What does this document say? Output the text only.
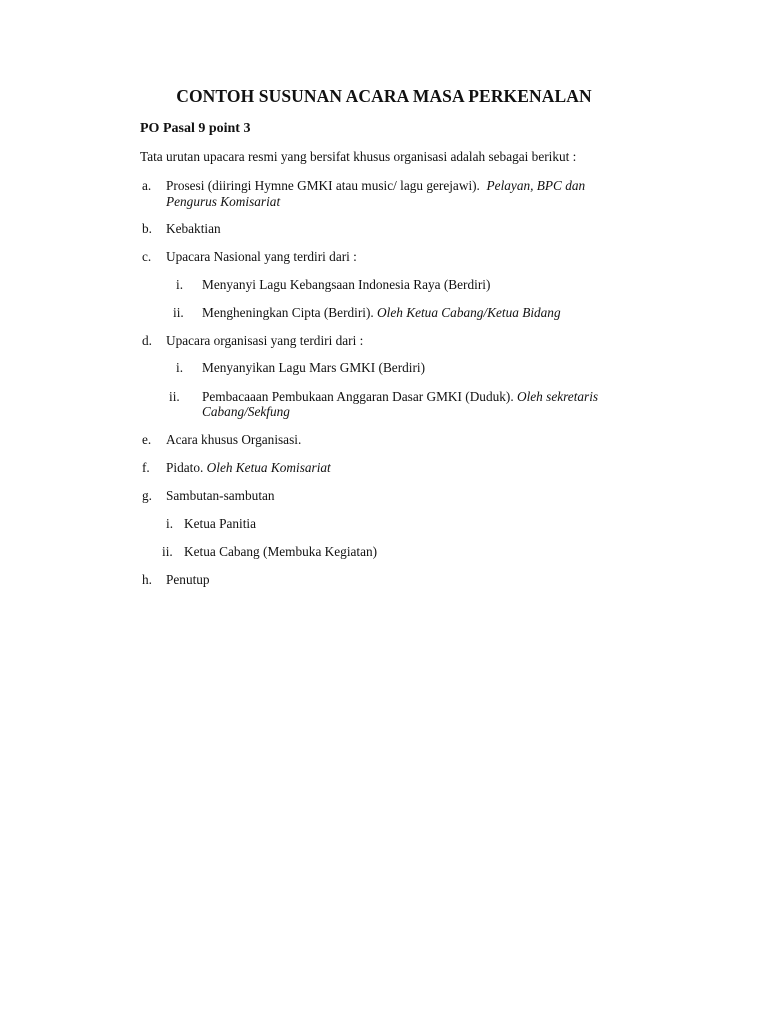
CONTOH SUSUNAN ACARA MASA PERKENALAN
PO Pasal 9 point 3
Tata urutan upacara resmi yang bersifat khusus organisasi adalah sebagai berikut :
a. Prosesi (diiringi Hymne GMKI atau music/ lagu gerejawi). Pelayan, BPC dan
Pengurus Komisariat
b. Kebaktian
c. Upacara Nasional yang terdiri dari :
i. Menyanyi Lagu Kebangsaan Indonesia Raya (Berdiri)
ii. Mengheningkan Cipta (Berdiri). Oleh Ketua Cabang/Ketua Bidang
d. Upacara organisasi yang terdiri dari :
i. Menyanyikan Lagu Mars GMKI (Berdiri)
ii. Pembacaaan Pembukaan Anggaran Dasar GMKI (Duduk). Oleh sekretaris
Cabang/Sekfung
e. Acara khusus Organisasi.
f. Pidato. Oleh Ketua Komisariat
g. Sambutan-sambutan
i. Ketua Panitia
ii. Ketua Cabang (Membuka Kegiatan)
h. Penutup
